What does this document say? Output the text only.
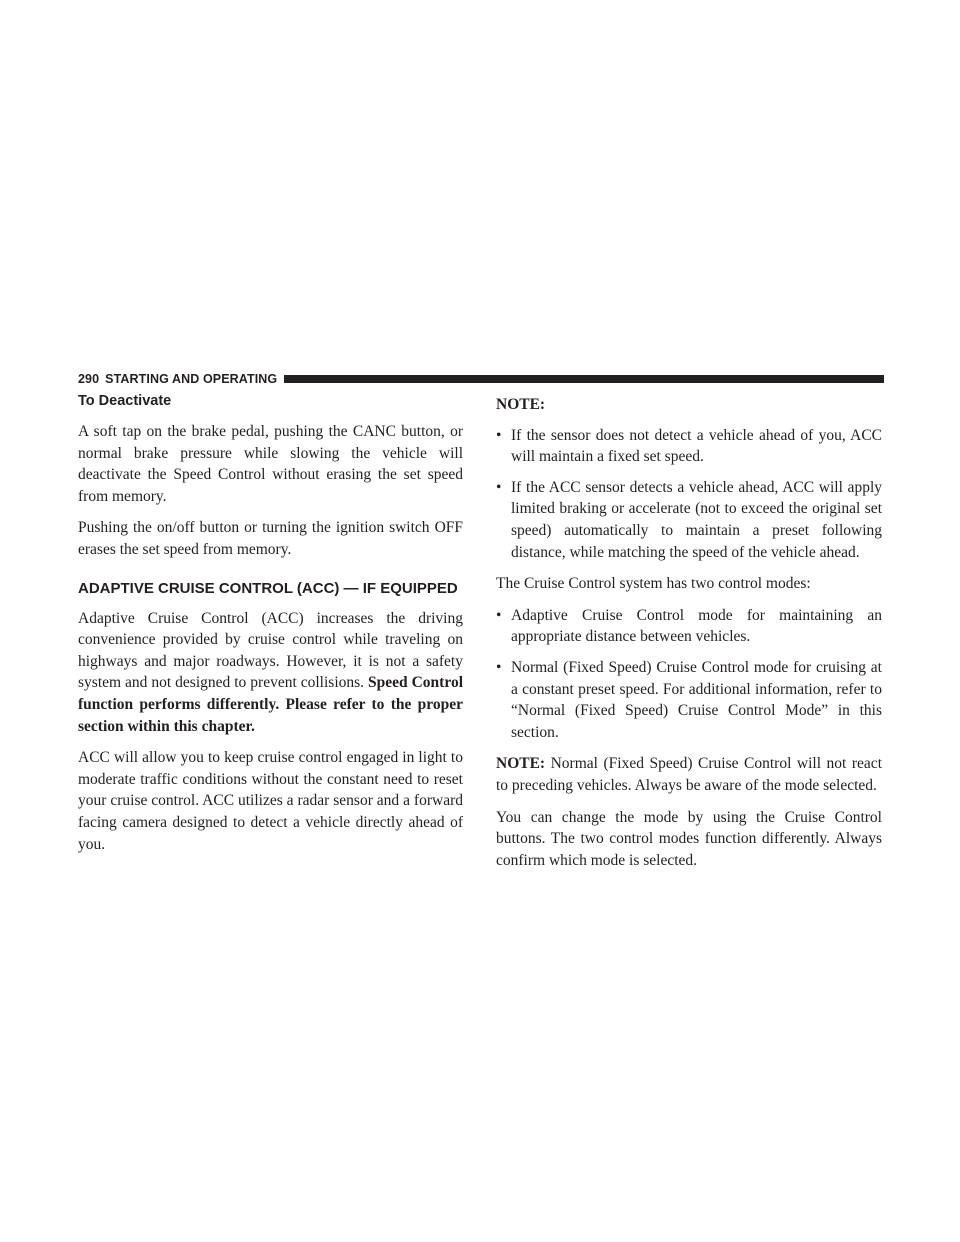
290 STARTING AND OPERATING
To Deactivate

A soft tap on the brake pedal, pushing the CANC button, or normal brake pressure while slowing the vehicle will deactivate the Speed Control without erasing the set speed from memory.

Pushing the on/off button or turning the ignition switch OFF erases the set speed from memory.

ADAPTIVE CRUISE CONTROL (ACC) — IF EQUIPPED

Adaptive Cruise Control (ACC) increases the driving convenience provided by cruise control while traveling on highways and major roadways. However, it is not a safety system and not designed to prevent collisions. Speed Control function performs differently. Please refer to the proper section within this chapter.

ACC will allow you to keep cruise control engaged in light to moderate traffic conditions without the constant need to reset your cruise control. ACC utilizes a radar sensor and a forward facing camera designed to detect a vehicle directly ahead of you.

NOTE:
• If the sensor does not detect a vehicle ahead of you, ACC will maintain a fixed set speed.
• If the ACC sensor detects a vehicle ahead, ACC will apply limited braking or accelerate (not to exceed the original set speed) automatically to maintain a preset following distance, while matching the speed of the vehicle ahead.

The Cruise Control system has two control modes:

• Adaptive Cruise Control mode for maintaining an appropriate distance between vehicles.
• Normal (Fixed Speed) Cruise Control mode for cruising at a constant preset speed. For additional information, refer to “Normal (Fixed Speed) Cruise Control Mode” in this section.

NOTE: Normal (Fixed Speed) Cruise Control will not react to preceding vehicles. Always be aware of the mode selected.

You can change the mode by using the Cruise Control buttons. The two control modes function differently. Always confirm which mode is selected.
